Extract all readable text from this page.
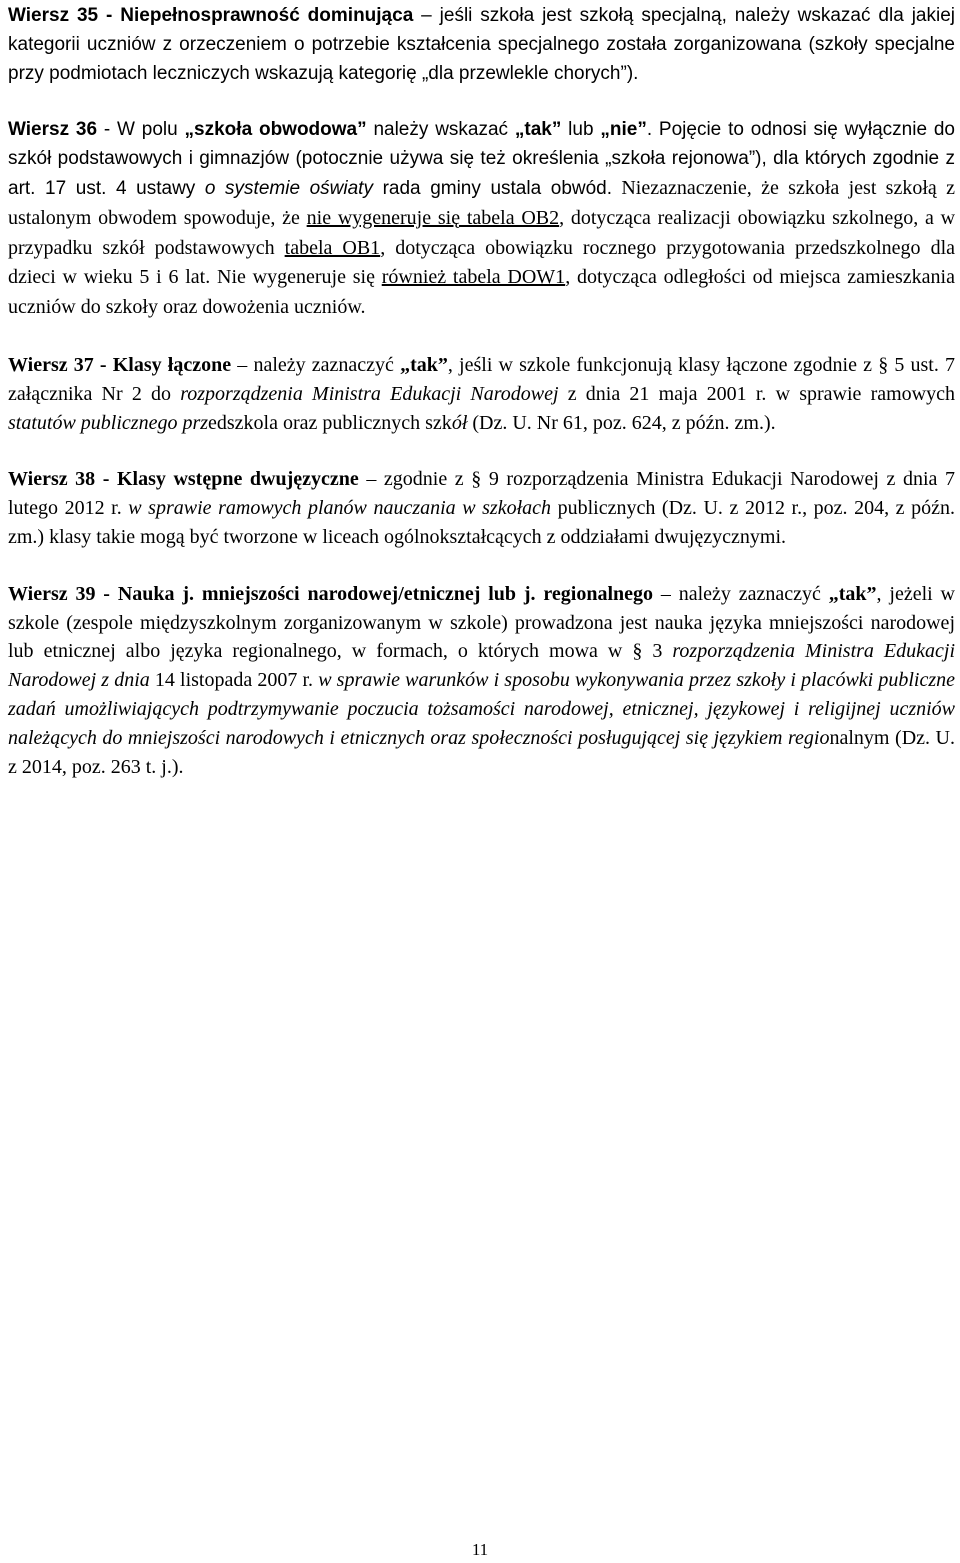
Wiersz 35 - Niepełnosprawność dominująca – jeśli szkoła jest szkołą specjalną, należy wskazać dla jakiej kategorii uczniów z orzeczeniem o potrzebie kształcenia specjalnego została zorganizowana (szkoły specjalne przy podmiotach leczniczych wskazują kategorię „dla przewlekle chorych”).

Wiersz 36 - W polu „szkoła obwodowa” należy wskazać „tak” lub „nie”. Pojęcie to odnosi się wyłącznie do szkół podstawowych i gimnazjów (potocznie używa się też określenia „szkoła rejonowa”), dla których zgodnie z art. 17 ust. 4 ustawy o systemie oświaty rada gminy ustala obwód. Niezaznaczenie, że szkoła jest szkołą z ustalonym obwodem spowoduje, że nie wygeneruje się tabela OB2, dotycząca realizacji obowiązku szkolnego, a w przypadku szkół podstawowych tabela OB1, dotycząca obowiązku rocznego przygotowania przedszkolnego dla dzieci w wieku 5 i 6 lat. Nie wygeneruje się również tabela DOW1, dotycząca odległości od miejsca zamieszkania uczniów do szkoły oraz dowożenia uczniów.

Wiersz 37 - Klasy łączone – należy zaznaczyć „tak”, jeśli w szkole funkcjonują klasy łączone zgodnie z § 5 ust. 7 załącznika Nr 2 do rozporządzenia Ministra Edukacji Narodowej z dnia 21 maja 2001 r. w sprawie ramowych statutów publicznego przedszkola oraz publicznych szkół (Dz. U. Nr 61, poz. 624, z późn. zm.).

Wiersz 38 - Klasy wstępne dwujęzyczne – zgodnie z § 9 rozporządzenia Ministra Edukacji Narodowej z dnia 7 lutego 2012 r. w sprawie ramowych planów nauczania w szkołach publicznych (Dz. U. z 2012 r., poz. 204, z późn. zm.) klasy takie mogą być tworzone w liceach ogólnokształcących z oddziałami dwujęzycznymi.

Wiersz 39 - Nauka j. mniejszości narodowej/etnicznej lub j. regionalnego – należy zaznaczyć „tak”, jeżeli w szkole (zespole międzyszkolnym zorganizowanym w szkole) prowadzona jest nauka języka mniejszości narodowej lub etnicznej albo języka regionalnego, w formach, o których mowa w § 3 rozporządzenia Ministra Edukacji Narodowej z dnia 14 listopada 2007 r. w sprawie warunków i sposobu wykonywania przez szkoły i placówki publiczne zadań umożliwiających podtrzymywanie poczucia tożsamości narodowej, etnicznej, językowej i religijnej uczniów należących do mniejszości narodowych i etnicznych oraz społeczności posługującej się językiem regionalnym (Dz. U. z 2014, poz. 263 t. j.).

11
